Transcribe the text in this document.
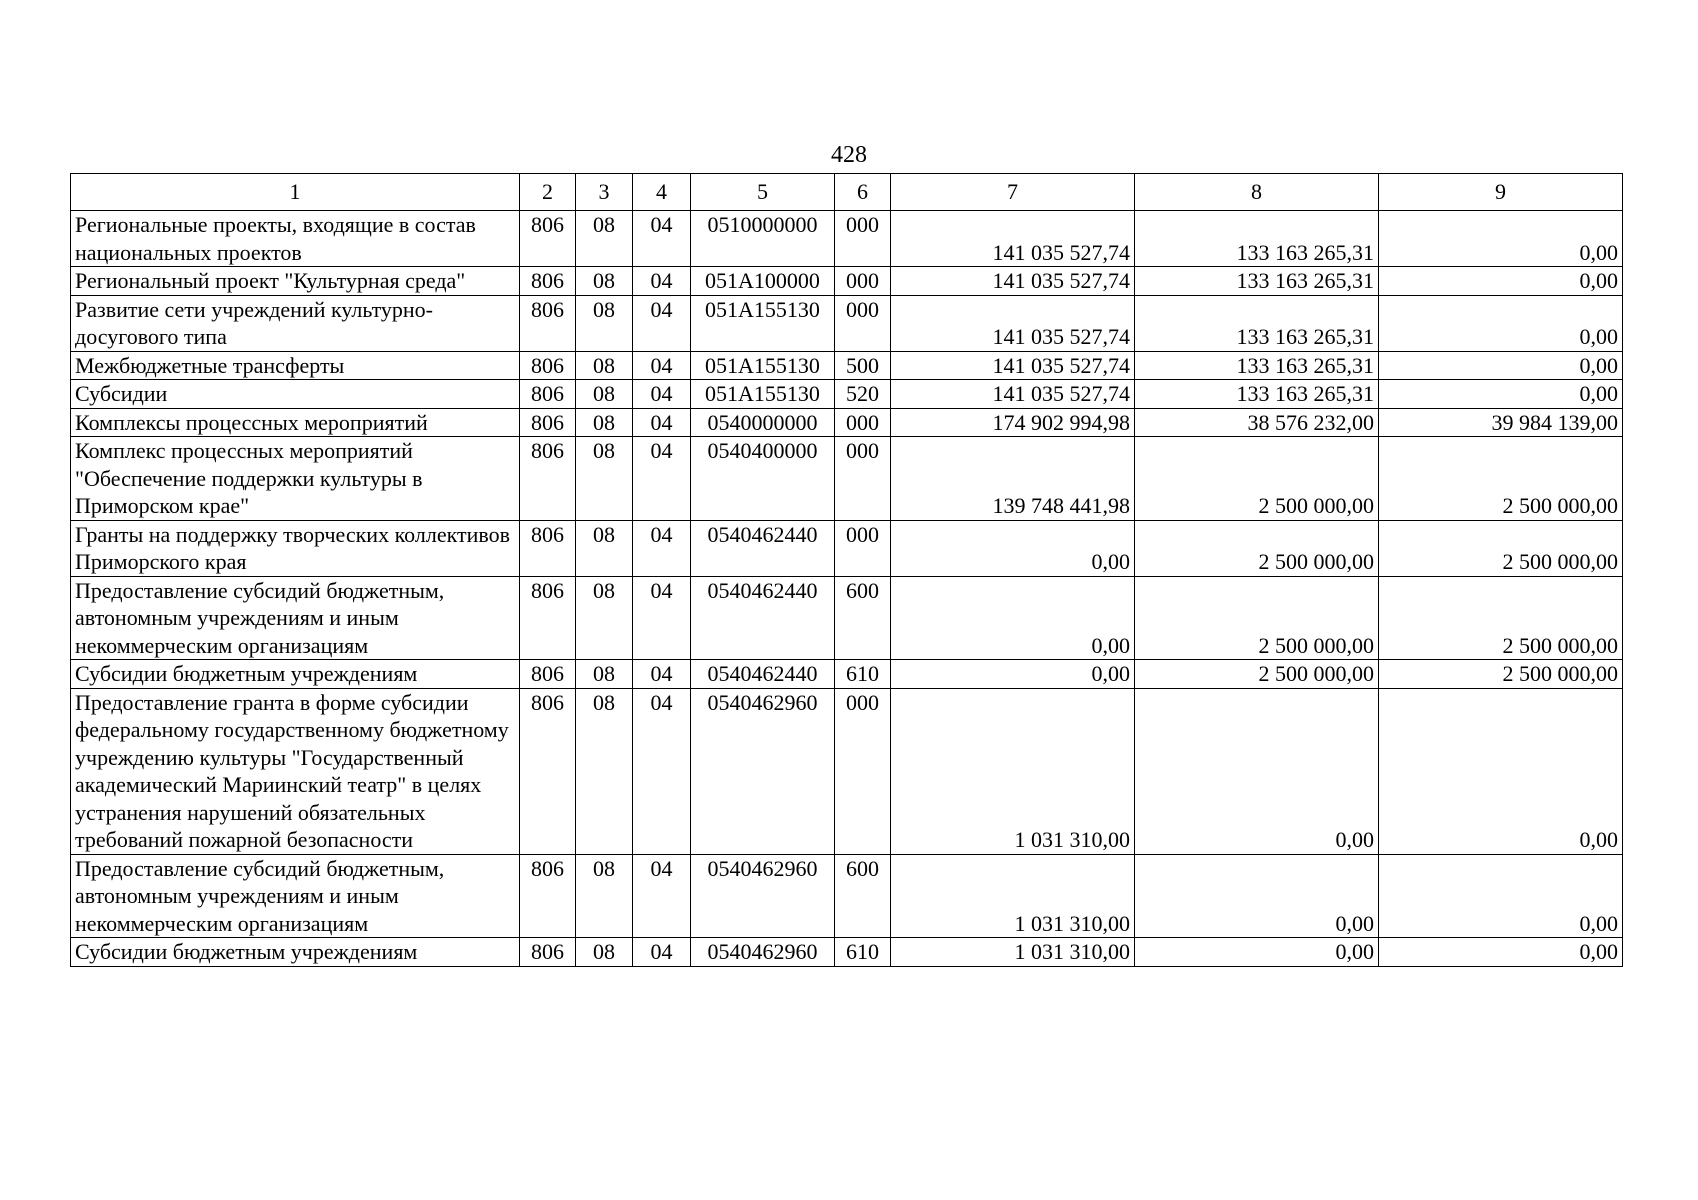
428
1	2	3	4	5	6	7	8	9
Региональные проекты, входящие в состав национальных проектов	806	08	04	0510000000	000	141 035 527,74	133 163 265,31	0,00
Региональный проект "Культурная среда"	806	08	04	051A100000	000	141 035 527,74	133 163 265,31	0,00
Развитие сети учреждений культурно-досугового типа	806	08	04	051A155130	000	141 035 527,74	133 163 265,31	0,00
Межбюджетные трансферты	806	08	04	051A155130	500	141 035 527,74	133 163 265,31	0,00
Субсидии	806	08	04	051A155130	520	141 035 527,74	133 163 265,31	0,00
Комплексы процессных мероприятий	806	08	04	0540000000	000	174 902 994,98	38 576 232,00	39 984 139,00
Комплекс процессных мероприятий "Обеспечение поддержки культуры в Приморском крае"	806	08	04	0540400000	000	139 748 441,98	2 500 000,00	2 500 000,00
Гранты на поддержку творческих коллективов Приморского края	806	08	04	0540462440	000	0,00	2 500 000,00	2 500 000,00
Предоставление субсидий бюджетным, автономным учреждениям и иным некоммерческим организациям	806	08	04	0540462440	600	0,00	2 500 000,00	2 500 000,00
Субсидии бюджетным учреждениям	806	08	04	0540462440	610	0,00	2 500 000,00	2 500 000,00
Предоставление гранта в форме субсидии федеральному государственному бюджетному учреждению культуры "Государственный академический Мариинский театр" в целях устранения нарушений обязательных требований пожарной безопасности	806	08	04	0540462960	000	1 031 310,00	0,00	0,00
Предоставление субсидий бюджетным, автономным учреждениям и иным некоммерческим организациям	806	08	04	0540462960	600	1 031 310,00	0,00	0,00
Субсидии бюджетным учреждениям	806	08	04	0540462960	610	1 031 310,00	0,00	0,00
